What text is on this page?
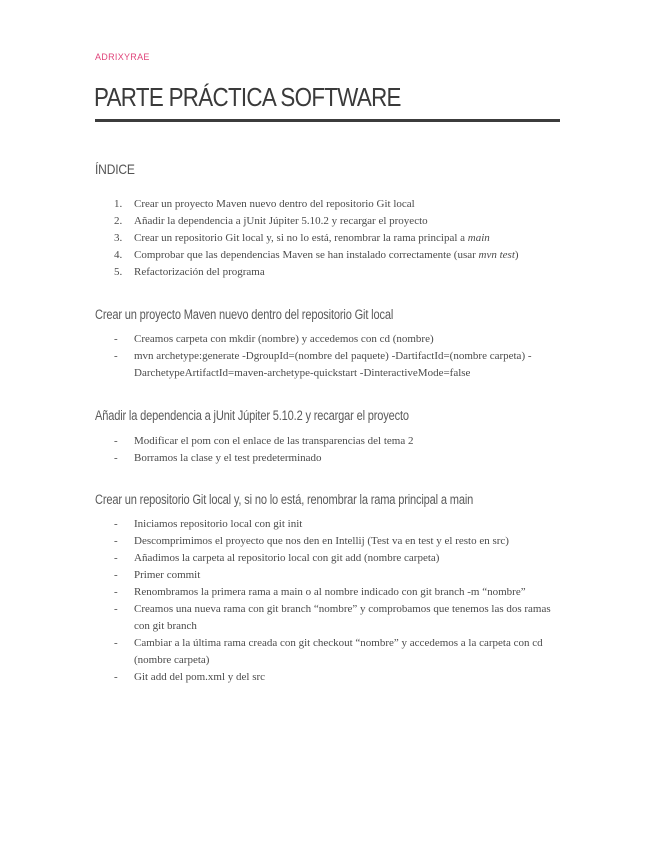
ADRIXYRAE
PARTE PRÁCTICA SOFTWARE
ÍNDICE
1.	Crear un proyecto Maven nuevo dentro del repositorio Git local
2.	Añadir la dependencia a jUnit Júpiter 5.10.2 y recargar el proyecto
3.	Crear un repositorio Git local y, si no lo está, renombrar la rama principal a main
4.	Comprobar que las dependencias Maven se han instalado correctamente (usar mvn test)
5.	Refactorización del programa
Crear un proyecto Maven nuevo dentro del repositorio Git local
-	Creamos carpeta con mkdir (nombre) y accedemos con cd (nombre)
-	mvn archetype:generate -DgroupId=(nombre del paquete) -DartifactId=(nombre carpeta) -DarchetypeArtifactId=maven-archetype-quickstart -DinteractiveMode=false
Añadir la dependencia a jUnit Júpiter 5.10.2 y recargar el proyecto
-	Modificar el pom con el enlace de las transparencias del tema 2
-	Borramos la clase y el test predeterminado
Crear un repositorio Git local y, si no lo está, renombrar la rama principal a main
-	Iniciamos repositorio local con git init
-	Descomprimimos el proyecto que nos den en Intellij (Test va en test y el resto en src)
-	Añadimos la carpeta al repositorio local con git add (nombre carpeta)
-	Primer commit
-	Renombramos la primera rama a main o al nombre indicado con git branch -m “nombre”
-	Creamos una nueva rama con git branch “nombre” y comprobamos que tenemos las dos ramas con git branch
-	Cambiar a la última rama creada con git checkout “nombre” y accedemos a la carpeta con cd (nombre carpeta)
-	Git add del pom.xml y del src
